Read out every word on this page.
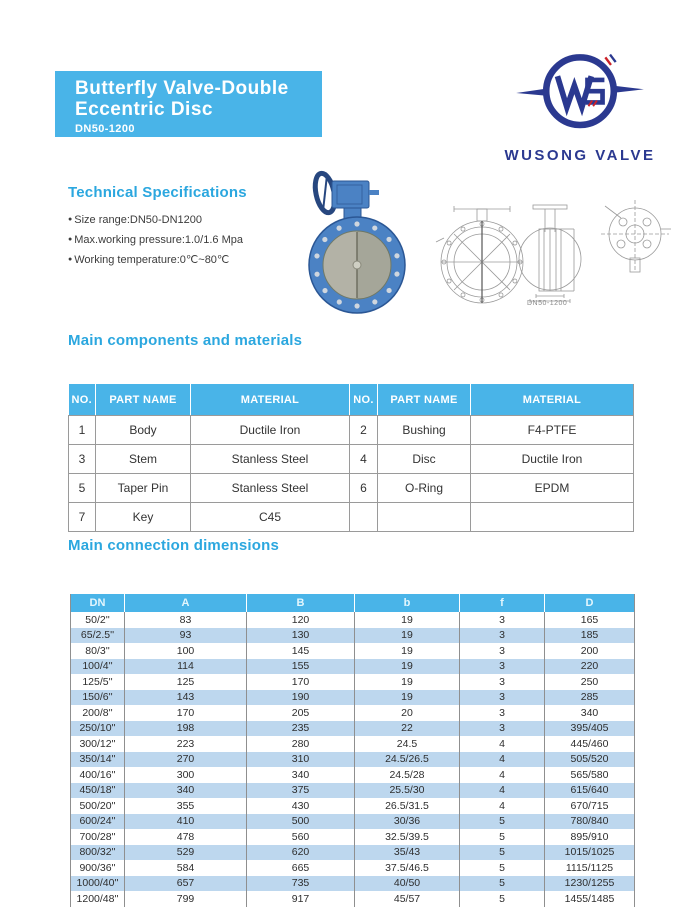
Butterfly Valve-Double
Eccentric Disc
DN50-1200
WUSONG VALVE
Technical Specifications
● Size range:DN50-DN1200
● Max.working pressure:1.0/1.6 Mpa
● Working temperature:0℃~80℃
DN50-1200
Main components and materials
NO.	PART NAME	MATERIAL	NO.	PART NAME	MATERIAL
1	Body	Ductile Iron	2	Bushing	F4-PTFE
3	Stem	Stanless Steel	4	Disc	Ductile Iron
5	Taper Pin	Stanless Steel	6	O-Ring	EPDM
7	Key	C45			
Main connection dimensions
DN	A	B	b	f	D
50/2''	83	120	19	3	165
65/2.5''	93	130	19	3	185
80/3''	100	145	19	3	200
100/4''	114	155	19	3	220
125/5''	125	170	19	3	250
150/6''	143	190	19	3	285
200/8''	170	205	20	3	340
250/10''	198	235	22	3	395/405
300/12''	223	280	24.5	4	445/460
350/14''	270	310	24.5/26.5	4	505/520
400/16''	300	340	24.5/28	4	565/580
450/18''	340	375	25.5/30	4	615/640
500/20''	355	430	26.5/31.5	4	670/715
600/24''	410	500	30/36	5	780/840
700/28''	478	560	32.5/39.5	5	895/910
800/32''	529	620	35/43	5	1015/1025
900/36''	584	665	37.5/46.5	5	1115/1125
1000/40''	657	735	40/50	5	1230/1255
1200/48''	799	917	45/57	5	1455/1485
